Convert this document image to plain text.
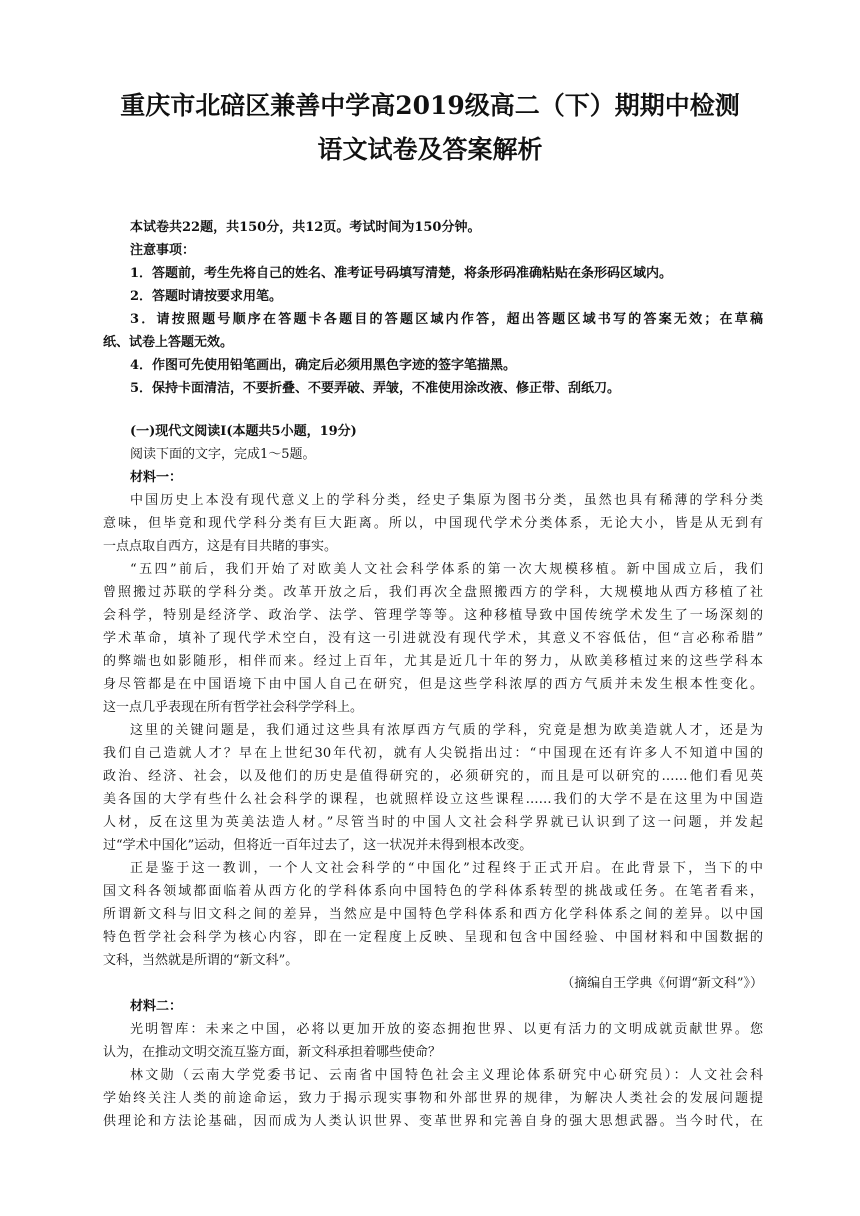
重庆市北碚区兼善中学高2019级高二（下）期期中检测
语文试卷及答案解析

本试卷共22题，共150分，共12页。考试时间为150分钟。

注意事项：

1．答题前，考生先将自己的姓名、准考证号码填写清楚，将条形码准确粘贴在条形码区域内。

2．答题时请按要求用笔。

3．请按照题号顺序在答题卡各题目的答题区域内作答，超出答题区域书写的答案无效；在草稿

纸、试卷上答题无效。

4．作图可先使用铅笔画出，确定后必须用黑色字迹的签字笔描黑。

5．保持卡面清洁，不要折叠、不要弄破、弄皱，不准使用涂改液、修正带、刮纸刀。

(一)现代文阅读Ⅰ(本题共5小题，19分)

阅读下面的文字，完成1～5题。

材料一：

中国历史上本没有现代意义上的学科分类，经史子集原为图书分类，虽然也具有稀薄的学科分类

意味，但毕竟和现代学科分类有巨大距离。所以，中国现代学术分类体系，无论大小，皆是从无到有

一点点取自西方，这是有目共睹的事实。

“五四”前后，我们开始了对欧美人文社会科学体系的第一次大规模移植。新中国成立后，我们

曾照搬过苏联的学科分类。改革开放之后，我们再次全盘照搬西方的学科，大规模地从西方移植了社

会科学，特别是经济学、政治学、法学、管理学等等。这种移植导致中国传统学术发生了一场深刻的

学术革命，填补了现代学术空白，没有这一引进就没有现代学术，其意义不容低估，但“言必称希腊”

的弊端也如影随形，相伴而来。经过上百年，尤其是近几十年的努力，从欧美移植过来的这些学科本

身尽管都是在中国语境下由中国人自己在研究，但是这些学科浓厚的西方气质并未发生根本性变化。

这一点几乎表现在所有哲学社会科学学科上。

这里的关键问题是，我们通过这些具有浓厚西方气质的学科，究竟是想为欧美造就人才，还是为

我们自己造就人才？早在上世纪30年代初，就有人尖锐指出过：“中国现在还有许多人不知道中国的

政治、经济、社会，以及他们的历史是值得研究的，必须研究的，而且是可以研究的……他们看见英

美各国的大学有些什么社会科学的课程，也就照样设立这些课程……我们的大学不是在这里为中国造

人材，反在这里为英美法造人材。”尽管当时的中国人文社会科学界就已认识到了这一问题，并发起

过“学术中国化”运动，但将近一百年过去了，这一状况并未得到根本改变。

正是鉴于这一教训，一个人文社会科学的“中国化”过程终于正式开启。在此背景下，当下的中

国文科各领域都面临着从西方化的学科体系向中国特色的学科体系转型的挑战或任务。在笔者看来，

所谓新文科与旧文科之间的差异，当然应是中国特色学科体系和西方化学科体系之间的差异。以中国

特色哲学社会科学为核心内容，即在一定程度上反映、呈现和包含中国经验、中国材料和中国数据的

文科，当然就是所谓的“新文科”。

（摘编自王学典《何谓“新文科”》）

材料二：

光明智库：未来之中国，必将以更加开放的姿态拥抱世界、以更有活力的文明成就贡献世界。您

认为，在推动文明交流互鉴方面，新文科承担着哪些使命？

林文勋（云南大学党委书记、云南省中国特色社会主义理论体系研究中心研究员）：人文社会科

学始终关注人类的前途命运，致力于揭示现实事物和外部世界的规律，为解决人类社会的发展问题提

供理论和方法论基础，因而成为人类认识世界、变革世界和完善自身的强大思想武器。当今时代，在
